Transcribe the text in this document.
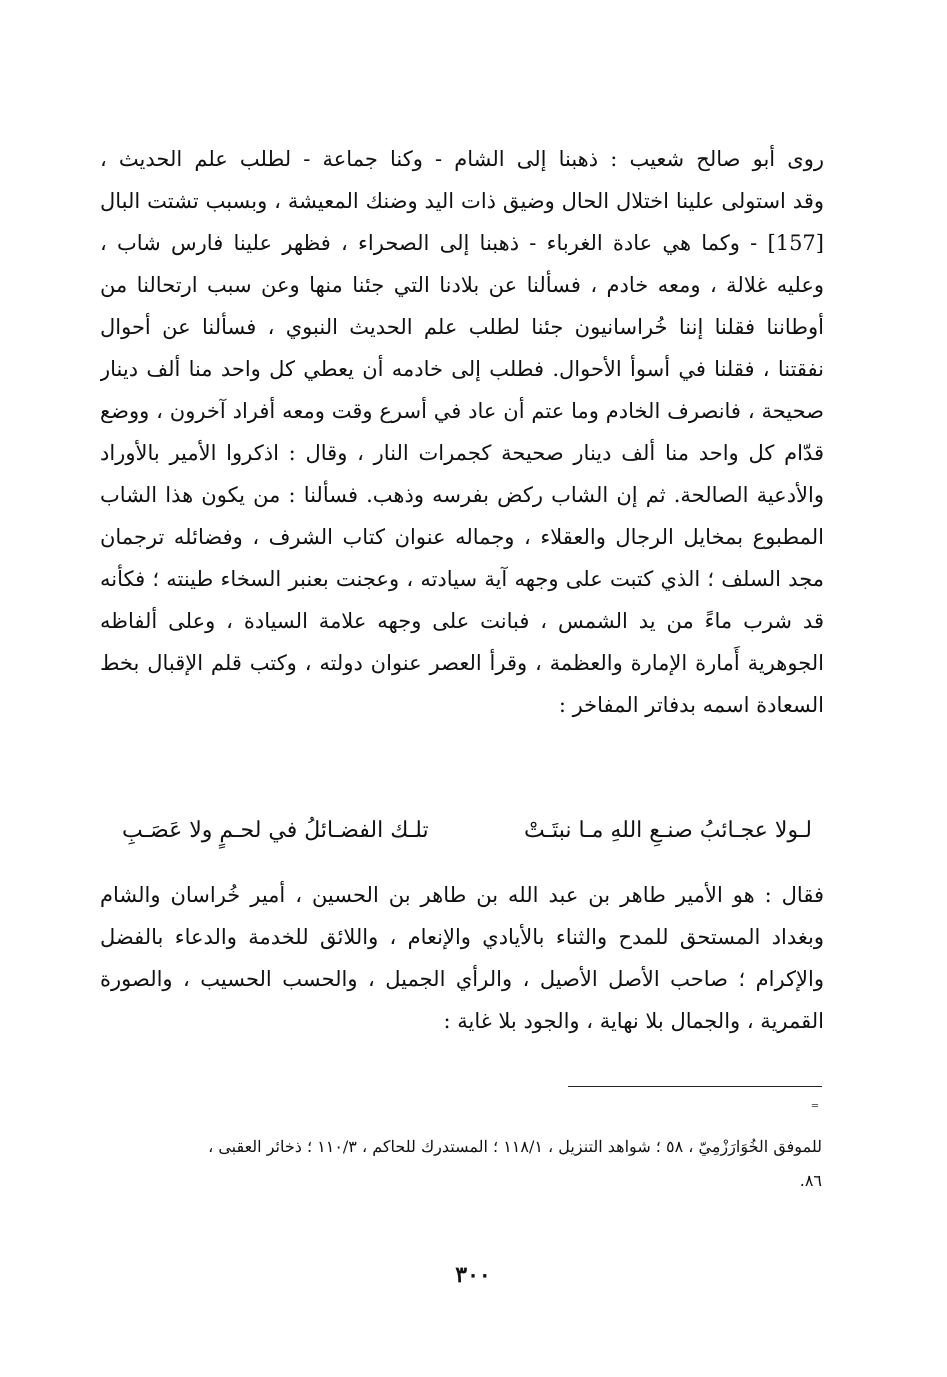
روى أبو صالح شعيب : ذهبنا إلى الشام - وكنا جماعة - لطلب علم الحديث ،
وقد استولى علينا اختلال الحال وضيق ذات اليد وضنك المعيشة ، وبسبب تشتت البال
[157] - وكما هي عادة الغرباء - ذهبنا إلى الصحراء ، فظهر علينا فارس شاب ،
وعليه غلالة ، ومعه خادم ، فسألنا عن بلادنا التي جئنا منها وعن سبب ارتحالنا من
أوطاننا فقلنا إننا خُراسانيون جئنا لطلب علم الحديث النبوي ، فسألنا عن أحوال
نفقتنا ، فقلنا في أسوأ الأحوال. فطلب إلى خادمه أن يعطي كل واحد منا ألف دينار
صحيحة ، فانصرف الخادم وما عتم أن عاد في أسرع وقت ومعه أفراد آخرون ، ووضع
قدّام كل واحد منا ألف دينار صحيحة كجمرات النار ، وقال : اذكروا الأمير بالأوراد
والأدعية الصالحة. ثم إن الشاب ركض بفرسه وذهب. فسألنا : من يكون هذا الشاب
المطبوع بمخايل الرجال والعقلاء ، وجماله عنوان كتاب الشرف ، وفضائله ترجمان
مجد السلف ؛ الذي كتبت على وجهه آية سيادته ، وعجنت بعنبر السخاء طينته ؛ فكأنه
قد شرب ماءً من يد الشمس ، فبانت على وجهه علامة السيادة ، وعلى ألفاظه
الجوهرية أَمارة الإمارة والعظمة ، وقرأ العصر عنوان دولته ، وكتب قلم الإقبال بخط
السعادة اسمه بدفاتر المفاخر :
لـولا عجـائبُ صنـعِ اللهِ مـا نبتَـتْ
تلـك الفضـائلُ في لحـمٍ ولا عَصَـبِ
فقال : هو الأمير طاهر بن عبد الله بن طاهر بن الحسين ، أمير خُراسان والشام
وبغداد المستحق للمدح والثناء بالأيادي والإنعام ، واللائق للخدمة والدعاء بالفضل
والإكرام ؛ صاحب الأصل الأصيل ، والرأي الجميل ، والحسب الحسيب ، والصورة
القمرية ، والجمال بلا نهاية ، والجود بلا غاية :
=
للموفق الخُوَارَزْمِيّ ، ٥٨ ؛ شواهد التنزيل ، ١١٨/١ ؛ المستدرك للحاكم ، ١١٠/٣ ؛ ذخائر العقبى ،
٨٦.
٣٠٠
